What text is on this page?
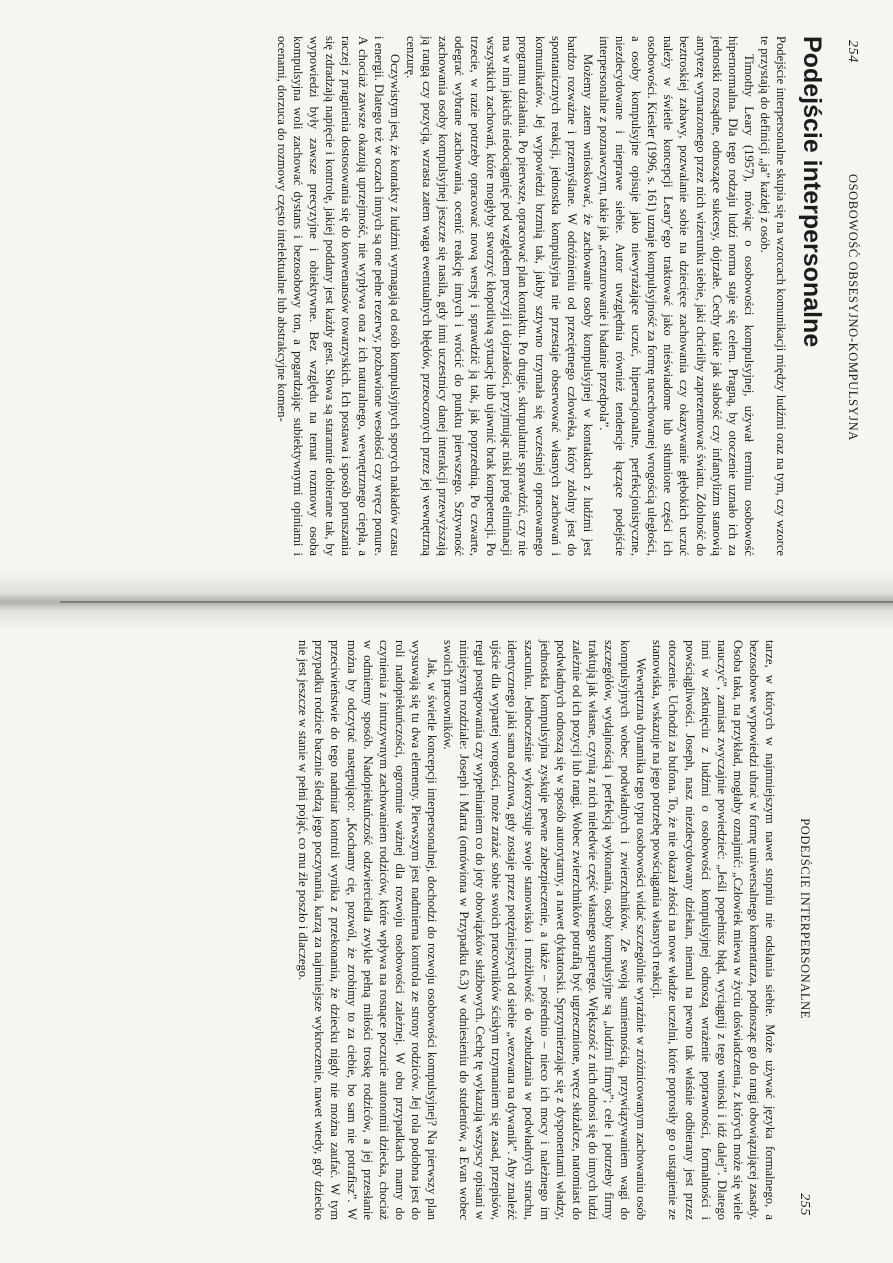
254
OSOBOWOŚĆ OBSESYJNO-KOMPULSYJNA
Podejście interpersonalne

Podejście interpersonalne skupia się na wzorcach komunikacji między ludźmi oraz na tym, czy wzorce te przystają do definicji „ja” każdej z osób.

Timothy Leary (1957), mówiąc o osobowości kompulsyjnej, używał terminu osobowość hipernormalna. Dla tego rodzaju ludzi norma staje się celem. Pragną, by otoczenie uznało ich za jednostki rozsądne, odnoszące sukcesy, dojrzałe. Cechy takie jak słabość czy infantylizm stanowią antytezę wymarzonego przez nich wizerunku siebie, jaki chcieliby zaprezentować światu. Zdolność do beztroskiej zabawy, pozwalanie sobie na dziecięce zachowania czy okazywanie głębokich uczuć należy w świetle koncepcji Leary’ego traktować jako nieświadome lub stłumione części ich osobowości. Kiesler (1996, s. 161) uznaje kompulsyjność za formę nacechowanej wrogością uległości, a osoby kompulsyjne opisuje jako niewyrażające uczuć, hiperracjonalne, perfekcjonistyczne, niezdecydowane i nieprawe siebie. Autor uwzględnia również tendencje łączące podejście interpersonalne z poznawczym, takie jak „cenzurowanie i badanie przedpola”.

Możemy zatem wnioskować, że zachowanie osoby kompulsyjnej w kontaktach z ludźmi jest bardzo rozważne i przemyślane. W odróżnieniu od przeciętnego człowieka, który zdolny jest do spontanicznych reakcji, jednostka kompulsyjna nie przestaje obserwować własnych zachowań i komunikatów. Jej wypowiedzi brzmią tak, jakby sztywno trzymała się wcześniej opracowanego programu działania. Po pierwsze, opracować plan kontaktu. Po drugie, skrupulatnie sprawdzić, czy nie ma w nim jakichś niedociągnięć pod względem precyzji i dojrzałości, przyjmując niski próg eliminacji wszystkich zachowań, które mogłyby stworzyć kłopotliwą sytuację lub ujawnić brak kompetencji. Po trzecie, w razie potrzeby opracować nową wersję i sprawdzić ją tak, jak poprzednią. Po czwarte, odegrać wybrane zachowania, ocenić reakcję innych i wrócić do punktu pierwszego. Sztywność zachowania osoby kompulsyjnej jeszcze się nasila, gdy inni uczestnicy danej interakcji przewyższają ją rangą czy pozycją, wzrasta zatem waga ewentualnych błędów, przeoczonych przez jej wewnętrzną cenzurę.

Oczywistym jest, że kontakty z ludźmi wymagają od osób kompulsyjnych sporych nakładów czasu i energii. Dlatego też w oczach innych są one pełne rezerwy, pozbawione wesołości czy wręcz ponure. A chociaż zawsze okazują uprzejmość, nie wypływa ona z ich naturalnego, wewnętrznego ciepła, a raczej z pragnienia dostosowania się do konwenansów towarzyskich. Ich postawa i sposób poruszania się zdradzają napięcie i kontrolę, jakiej poddany jest każdy gest. Słowa są starannie dobierane tak, by wypowiedzi były zawsze precyzyjne i obiektywne. Bez względu na temat rozmowy osoba kompulsyjna woli zachować dystans i bezosobowy ton, a pogardzając subiektywnymi opiniami i ocenami, dorzuca do rozmowy często intelektualne lub abstrakcyjne komen-

PODEJŚCIE INTERPERSONALNE
255

tarze, w których w najmniejszym nawet stopniu nie odsłania siebie. Może używać języka formalnego, a bezosobowe wypowiedzi ubrać w formę uniwersalnego komentarza, podnosząc go do rangi obowiązującej zasady. Osoba taka, na przykład, mogłaby oznajmić: „Człowiek miewa w życiu doświadczenia, z których może się wiele nauczyć”, zamiast zwyczajnie powiedzieć: „Jeśli popełnisz błąd, wyciągnij z tego wnioski i idź dalej”. Dlatego inni w zetknięciu z ludźmi o osobowości kompulsyjnej odnoszą wrażenie poprawności, formalności i powściągliwości. Joseph, nasz niezdecydowany dziekan, niemal na pewno tak właśnie odbierany jest przez otoczenie. Uchodzi za bufona. To, że nie okazał złości na nowe władze uczelni, które poprosiły go o ustąpienie ze stanowiska, wskazuje na jego potrzebę powściągania własnych reakcji.

Wewnętrzna dynamika tego typu osobowości widać szczególnie wyraźnie w zróżnicowanym zachowaniu osób kompulsyjnych wobec podwładnych i zwierzchników. Ze swoją sumiennością, przywiązywaniem wagi do szczegółów, wydajnością i perfekcją wykonania, osoby kompulsyjne są „ludźmi firmy”; cele i potrzeby firmy traktują jak własne, czynią z nich nieledwie część własnego superego. Większość z nich odnosi się do innych ludzi zależnie od ich pozycji lub rangi. Wobec zwierzchników potrafią być ugrzecznione, wręcz służalcze, natomiast do podwładnych odnoszą się w sposób autorytarny, a nawet dyktatorski. Sprzymierzając się z dysponentami władzy, jednostka kompulsyjna zyskuje pewne zabezpieczenie, a także – pośrednio – nieco ich mocy i należnego im szacunku. Jednocześnie wykorzystuje swoje stanowisko i możliwość do wzbudzania w podwładnych strachu, identycznego jaki sama odczuwa, gdy zostaje przez potężniejszych od siebie „wezwana na dywanik”. Aby znaleźć ujście dla wypartej wrogości, może zrażać sobie swoich pracowników ścisłym trzymaniem się zasad, przepisów, reguł postępowania czy wypełnianiem co do joty obowiązków służbowych. Cechę tę wykazują wszyscy opisani w niniejszym rozdziale: Joseph i Marta (omówiona w Przypadku 6.3) w odniesieniu do studentów, a Evan wobec swoich pracowników.

Jak, w świetle koncepcji interpersonalnej, dochodzi do rozwoju osobowości kompulsyjnej? Na pierwszy plan wysuwają się tu dwa elementy. Pierwszym jest nadmierna kontrola ze strony rodziców. Jej rola podobna jest do roli nadopiekuńczości, ogromnie ważnej dla rozwoju osobowości zależnej. W obu przypadkach mamy do czynienia z intruzywnym zachowaniem rodziców, które wpływa na rosnące poczucie autonomii dziecka, chociaż w odmienny sposób. Nadopiekuńczość odzwierciedla zwykle pełną miłości troskę rodziców, a jej przesłanie można by odczytać następująco: „Kochamy cię, pozwól, że zrobimy to za ciebie, bo sam nie potrafisz”. W przeciwieństwie do tego nadmiar kontroli wynika z przekonania, że dziecku nigdy nie można zaufać. W tym przypadku rodzice bacznie śledzą jego poczynania, karzą za najmniejsze wykroczenie, nawet wtedy, gdy dziecko nie jest jeszcze w stanie w pełni pojąć, co mu źle poszło i dlaczego.
